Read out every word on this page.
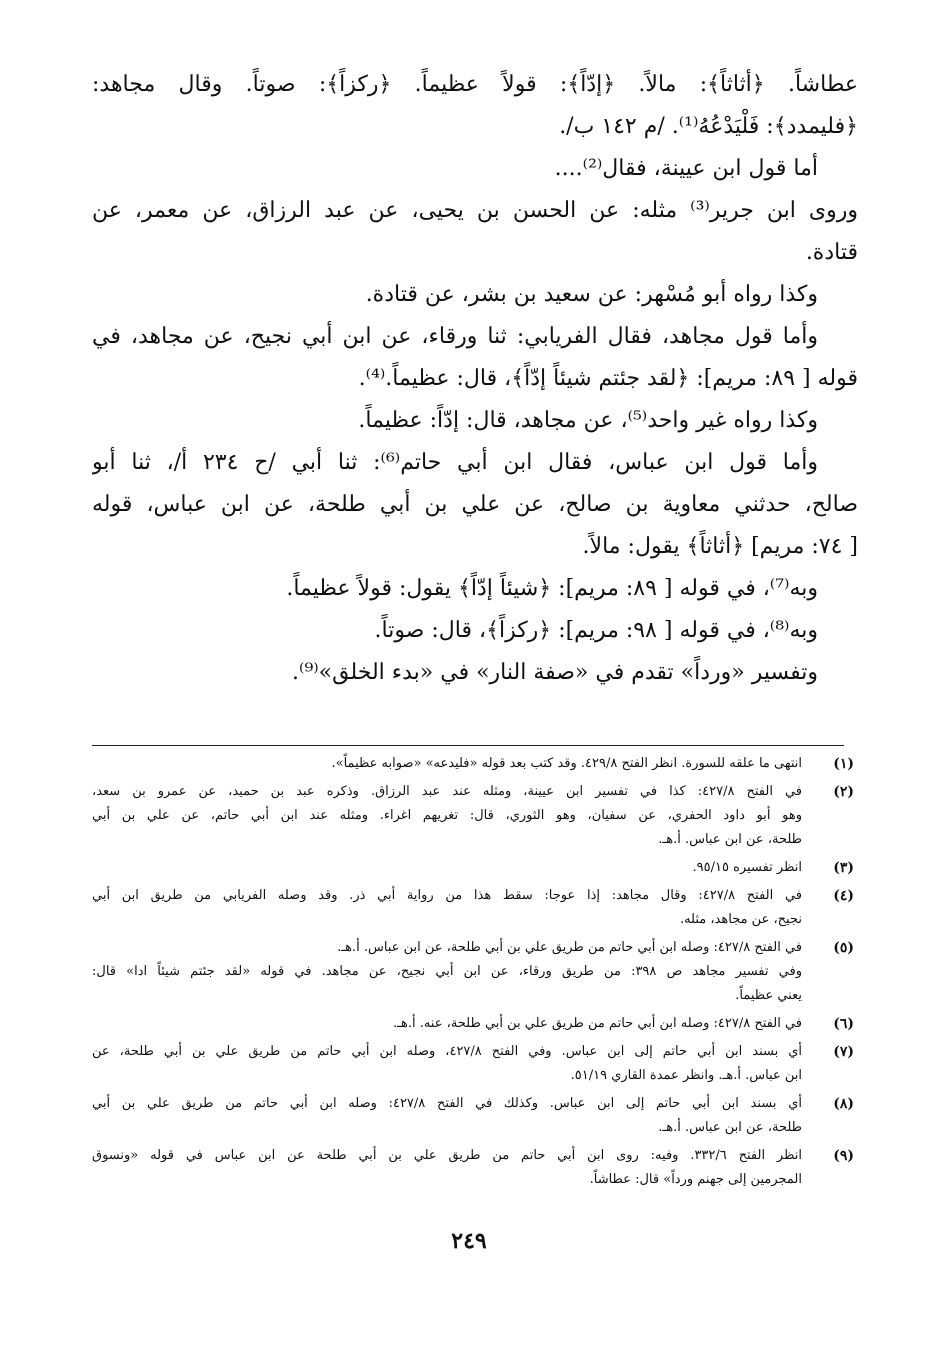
عطاشاً. ﴿أثاثاً﴾: مالاً. ﴿إدّاً﴾: قولاً عظيماً. ﴿ركزاً﴾: صوتاً. وقال مجاهد:
﴿فليمدد﴾: فَلْيَدْعُهُ⁽¹⁾. /م ١٤٢ ب/.
أما قول ابن عيينة، فقال⁽²⁾....
وروى ابن جرير⁽³⁾ مثله: عن الحسن بن يحيى، عن عبد الرزاق، عن معمر، عن
قتادة.
وكذا رواه أبو مُسْهر: عن سعيد بن بشر، عن قتادة.
وأما قول مجاهد، فقال الفريابي: ثنا ورقاء، عن ابن أبي نجيح، عن مجاهد، في
قوله [ ٨٩: مريم]: ﴿لقد جئتم شيئاً إدّاً﴾، قال: عظيماً.⁽⁴⁾.
وكذا رواه غير واحد⁽⁵⁾، عن مجاهد، قال: إدّاً: عظيماً.
وأما قول ابن عباس، فقال ابن أبي حاتم⁽⁶⁾: ثنا أبي /ح ٢٣٤ أ/، ثنا أبو
صالح، حدثني معاوية بن صالح، عن علي بن أبي طلحة، عن ابن عباس، قوله
[ ٧٤: مريم] ﴿أثاثاً﴾ يقول: مالاً.
وبه⁽⁷⁾، في قوله [ ٨٩: مريم]: ﴿شيئاً إدّاً﴾ يقول: قولاً عظيماً.
وبه⁽⁸⁾، في قوله [ ٩٨: مريم]: ﴿ركزاً﴾، قال: صوتاً.
وتفسير «ورداً» تقدم في «صفة النار» في «بدء الخلق»⁽⁹⁾.
(١)
انتهى ما علقه للسورة. انظر الفتح ٤٢٩/٨. وقد كتب بعد قوله «فليدعه» «صوابه عظيماً».
(٢)
في الفتح ٤٢٧/٨: كذا في تفسير ابن عيينة، ومثله عند عبد الرزاق. وذكره عبد بن حميد، عن عمرو بن سعد،
وهو أبو داود الحفري، عن سفيان، وهو الثوري، قال: تغريهم اغراء. ومثله عند ابن أبي حاتم، عن علي بن أبي
طلحة، عن ابن عباس. أ.هـ.
(٣)
انظر تفسيره ٩٥/١٥.
(٤)
في الفتح ٤٢٧/٨: وقال مجاهد: إذا عوجا: سقط هذا من رواية أبي ذر. وقد وصله الفريابي من طريق ابن أبي
نجيح، عن مجاهد، مثله.
(٥)
في الفتح ٤٢٧/٨: وصله ابن أبي حاتم من طريق علي بن أبي طلحة، عن ابن عباس. أ.هـ.
وفي تفسير مجاهد ص ٣٩٨: من طريق ورقاء، عن ابن أبي نجيح، عن مجاهد. في قوله «لقد جئتم شيئاً ادا» قال:
يعني عظيماً.
(٦)
في الفتح ٤٢٧/٨: وصله ابن أبي حاتم من طريق علي بن أبي طلحة، عنه. أ.هـ.
(٧)
أي بسند ابن أبي حاتم إلى ابن عباس. وفي الفتح ٤٢٧/٨، وصله ابن أبي حاتم من طريق علي بن أبي طلحة، عن
ابن عباس. أ.هـ. وانظر عمدة القاري ٥١/١٩.
(٨)
أي بسند ابن أبي حاتم إلى ابن عباس. وكذلك في الفتح ٤٢٧/٨: وصله ابن أبي حاتم من طريق علي بن أبي
طلحة، عن ابن عباس. أ.هـ.
(٩)
انظر الفتح ٣٣٢/٦. وفيه: روى ابن أبي حاتم من طريق علي بن أبي طلحة عن ابن عباس في قوله «ونسوق
المجرمين إلى جهنم ورداً» قال: عطاشاً.
٢٤٩
